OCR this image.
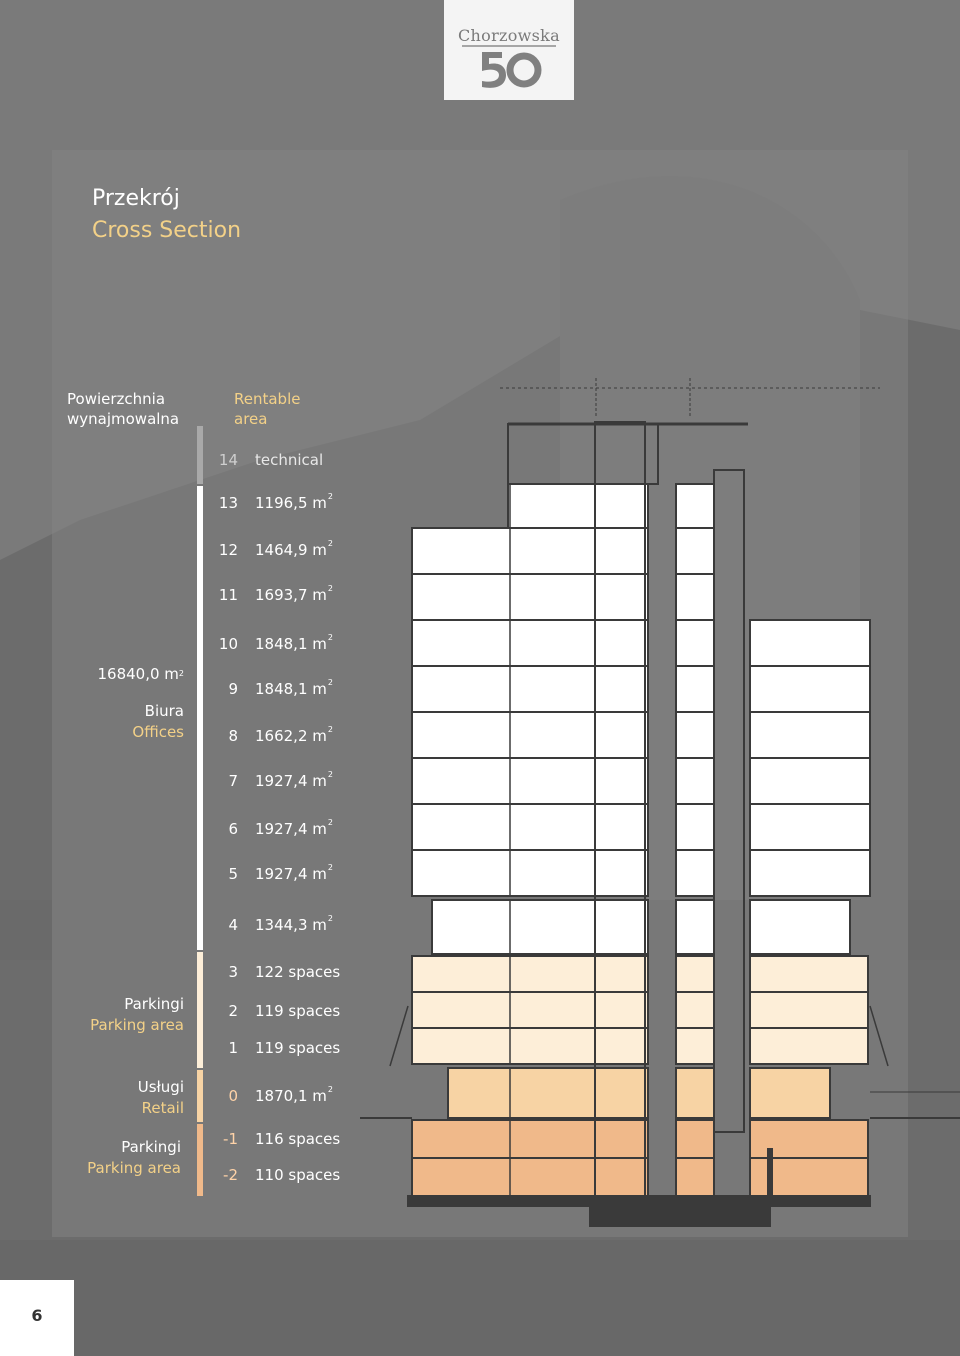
Chorzowska
Przekrój
Cross Section
Powierzchnia
wynajmowalna
Rentable
area
16840,0 $m^2$
Biura
Offices
Parkingi
Parking area
Usługi
Retail
Parkingi
Parking area
14 technical
13 1196,5 $m^2$
12 1464,9 $m^2$
11 1693,7 $m^2$
10 1848,1 $m^2$
9 1848,1 $m^2$
8 1662,2 $m^2$
7 1927,4 $m^2$
6 1927,4 $m^2$
5 1927,4 $m^2$
4 1344,3 $m^2$
3 122 spaces
2 119 spaces
1 119 spaces
0 1870,1 $m^2$
-1 116 spaces
-2 110 spaces
6
